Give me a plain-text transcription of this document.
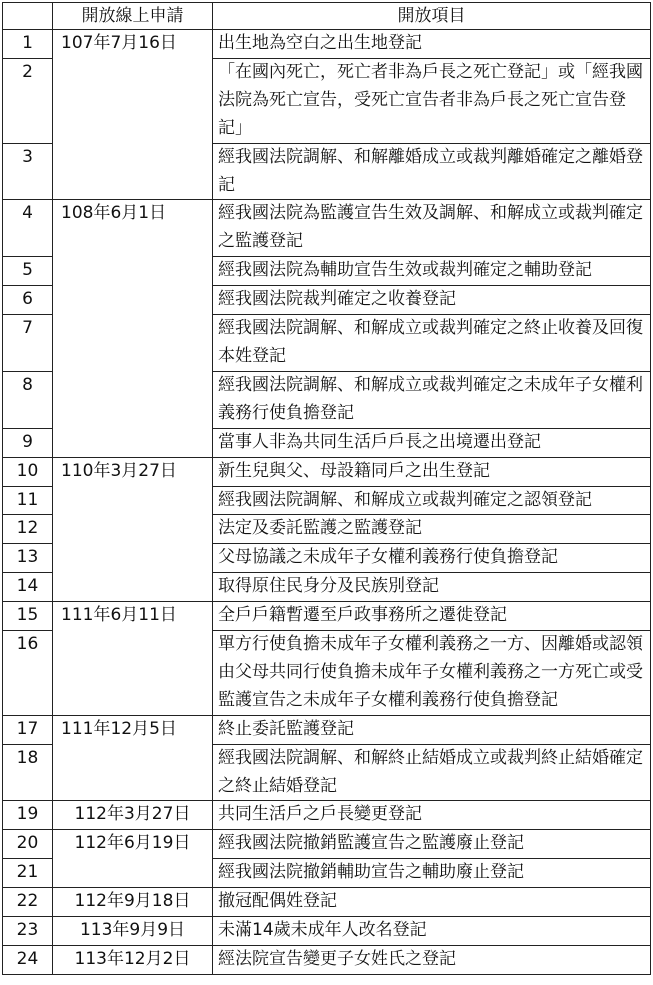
	開放線上申請	開放項目
1	107年7月16日	出生地為空白之出生地登記
2		「在國內死亡，死亡者非為戶長之死亡登記」或「經我國法院為死亡宣告，受死亡宣告者非為戶長之死亡宣告登記」
3		經我國法院調解、和解離婚成立或裁判離婚確定之離婚登記
4	108年6月1日	經我國法院為監護宣告生效及調解、和解成立或裁判確定之監護登記
5		經我國法院為輔助宣告生效或裁判確定之輔助登記
6		經我國法院裁判確定之收養登記
7		經我國法院調解、和解成立或裁判確定之終止收養及回復本姓登記
8		經我國法院調解、和解成立或裁判確定之未成年子女權利義務行使負擔登記
9		當事人非為共同生活戶戶長之出境遷出登記
10	110年3月27日	新生兒與父、母設籍同戶之出生登記
11		經我國法院調解、和解成立或裁判確定之認領登記
12		法定及委託監護之監護登記
13		父母協議之未成年子女權利義務行使負擔登記
14		取得原住民身分及民族別登記
15	111年6月11日	全戶戶籍暫遷至戶政事務所之遷徙登記
16		單方行使負擔未成年子女權利義務之一方、因離婚或認領由父母共同行使負擔未成年子女權利義務之一方死亡或受監護宣告之未成年子女權利義務行使負擔登記
17	111年12月5日	終止委託監護登記
18		經我國法院調解、和解終止結婚成立或裁判終止結婚確定之終止結婚登記
19	112年3月27日	共同生活戶之戶長變更登記
20	112年6月19日	經我國法院撤銷監護宣告之監護廢止登記
21		經我國法院撤銷輔助宣告之輔助廢止登記
22	112年9月18日	撤冠配偶姓登記
23	113年9月9日	未滿14歲未成年人改名登記
24	113年12月2日	經法院宣告變更子女姓氏之登記
